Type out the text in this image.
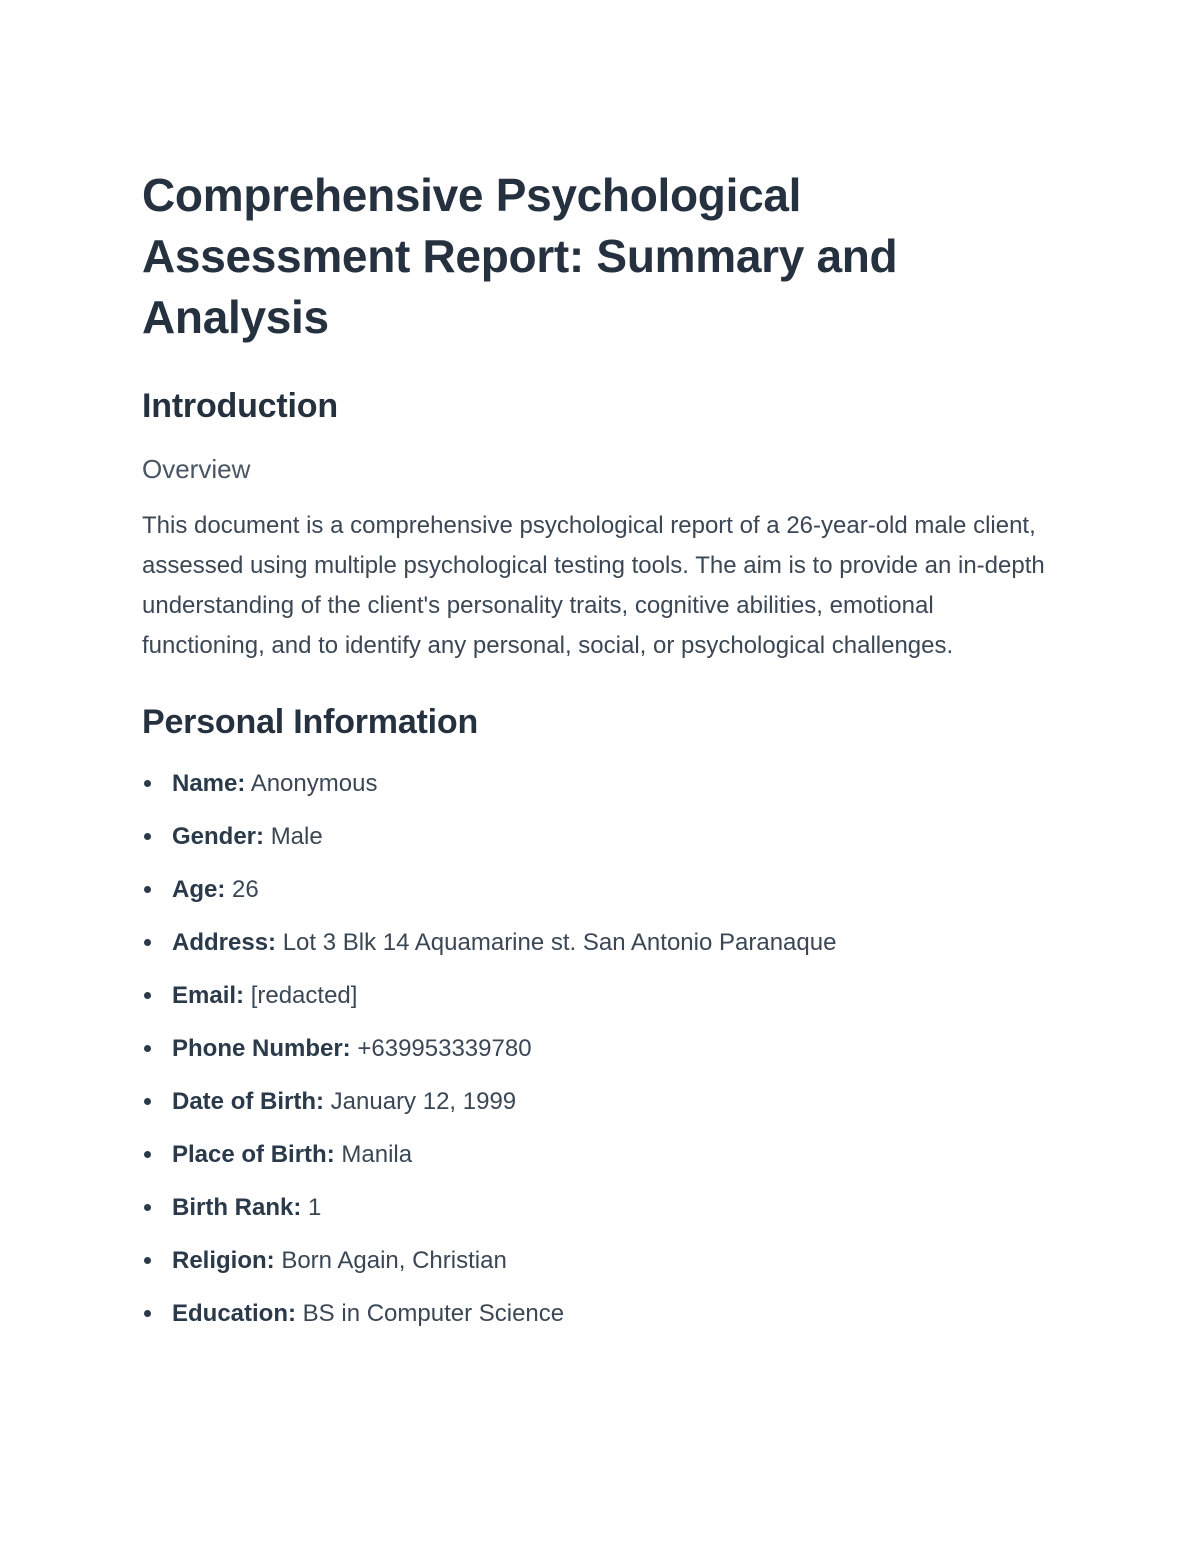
Comprehensive Psychological Assessment Report: Summary and Analysis
Introduction
Overview

This document is a comprehensive psychological report of a 26-year-old male client, assessed using multiple psychological testing tools. The aim is to provide an in-depth understanding of the client's personality traits, cognitive abilities, emotional functioning, and to identify any personal, social, or psychological challenges.

Personal Information
Name: Anonymous
Gender: Male
Age: 26
Address: Lot 3 Blk 14 Aquamarine st. San Antonio Paranaque
Email: [redacted]
Phone Number: +639953339780
Date of Birth: January 12, 1999
Place of Birth: Manila
Birth Rank: 1
Religion: Born Again, Christian
Education: BS in Computer Science
